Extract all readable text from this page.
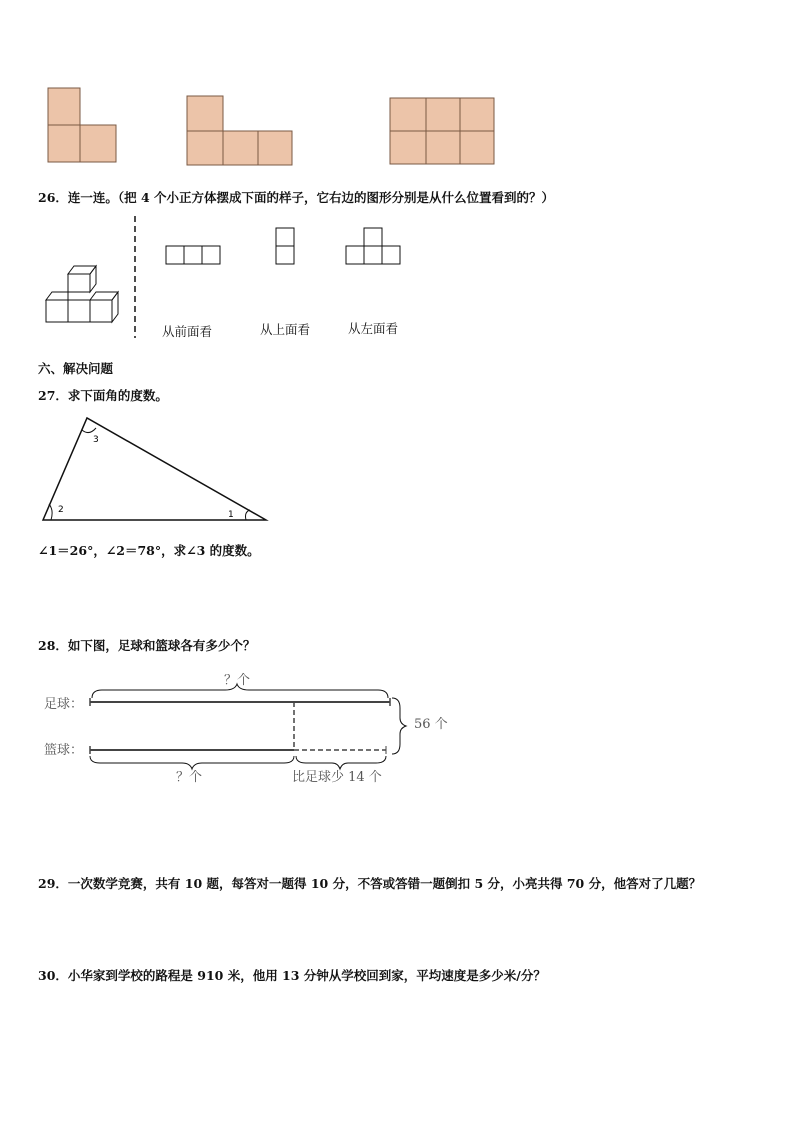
26．连一连。（把 4 个小正方体摆成下面的样子，它右边的图形分别是从什么位置看到的？）
从前面看	从上面看	从左面看
六、解决问题
27．求下面角的度数。
3
2	1
∠1＝26°，∠2＝78°，求∠3 的度数。
28．如下图，足球和篮球各有多少个？
足球：
篮球：
？个
？个	比足球少 14 个
56 个
29．一次数学竞赛，共有 10 题，每答对一题得 10 分，不答或答错一题倒扣 5 分，小亮共得 70 分，他答对了几题？
30．小华家到学校的路程是 910 米，他用 13 分钟从学校回到家，平均速度是多少米/分？
